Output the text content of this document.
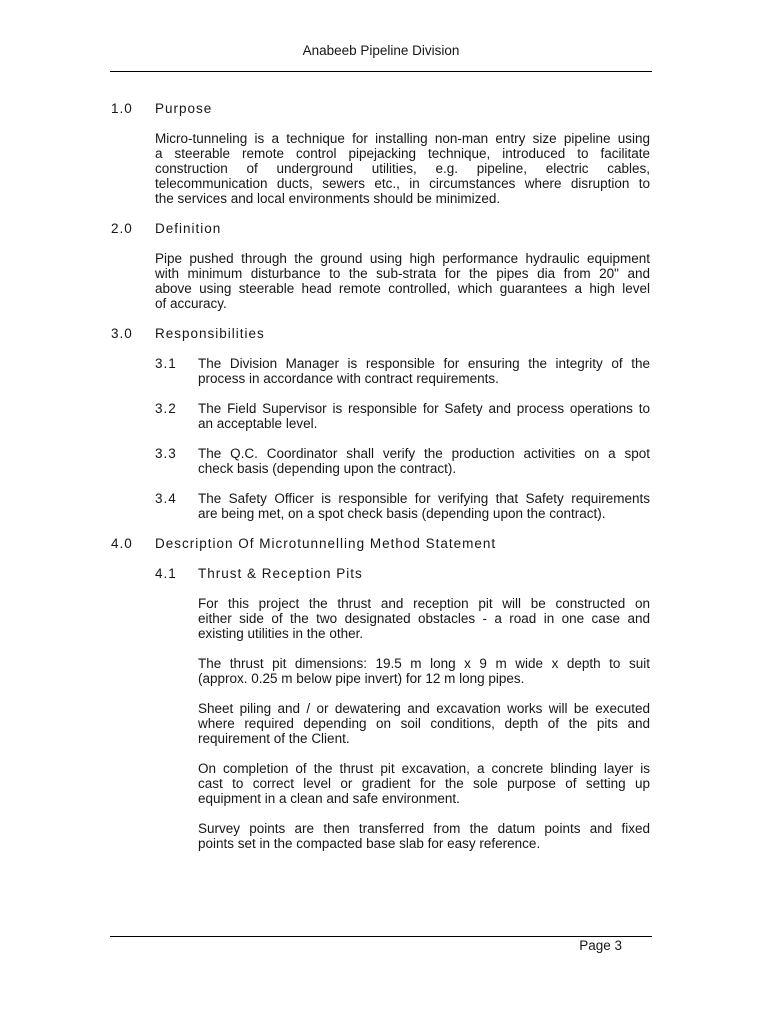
Anabeeb Pipeline Division
1.0 Purpose
Micro-tunneling is a technique for installing non-man entry size pipeline using
a steerable remote control pipejacking technique, introduced to facilitate
construction of underground utilities, e.g. pipeline, electric cables,
telecommunication ducts, sewers etc., in circumstances where disruption to
the services and local environments should be minimized.
2.0 Definition
Pipe pushed through the ground using high performance hydraulic equipment
with minimum disturbance to the sub-strata for the pipes dia from 20" and
above using steerable head remote controlled, which guarantees a high level
of accuracy.
3.0 Responsibilities
3.1 The Division Manager is responsible for ensuring the integrity of the
process in accordance with contract requirements.
3.2 The Field Supervisor is responsible for Safety and process operations to
an acceptable level.
3.3 The Q.C. Coordinator shall verify the production activities on a spot
check basis (depending upon the contract).
3.4 The Safety Officer is responsible for verifying that Safety requirements
are being met, on a spot check basis (depending upon the contract).
4.0 Description Of Microtunnelling Method Statement
4.1 Thrust & Reception Pits
For this project the thrust and reception pit will be constructed on
either side of the two designated obstacles - a road in one case and
existing utilities in the other.
The thrust pit dimensions: 19.5 m long x 9 m wide x depth to suit
(approx. 0.25 m below pipe invert) for 12 m long pipes.
Sheet piling and / or dewatering and excavation works will be executed
where required depending on soil conditions, depth of the pits and
requirement of the Client.
On completion of the thrust pit excavation, a concrete blinding layer is
cast to correct level or gradient for the sole purpose of setting up
equipment in a clean and safe environment.
Survey points are then transferred from the datum points and fixed
points set in the compacted base slab for easy reference.
Page 3
